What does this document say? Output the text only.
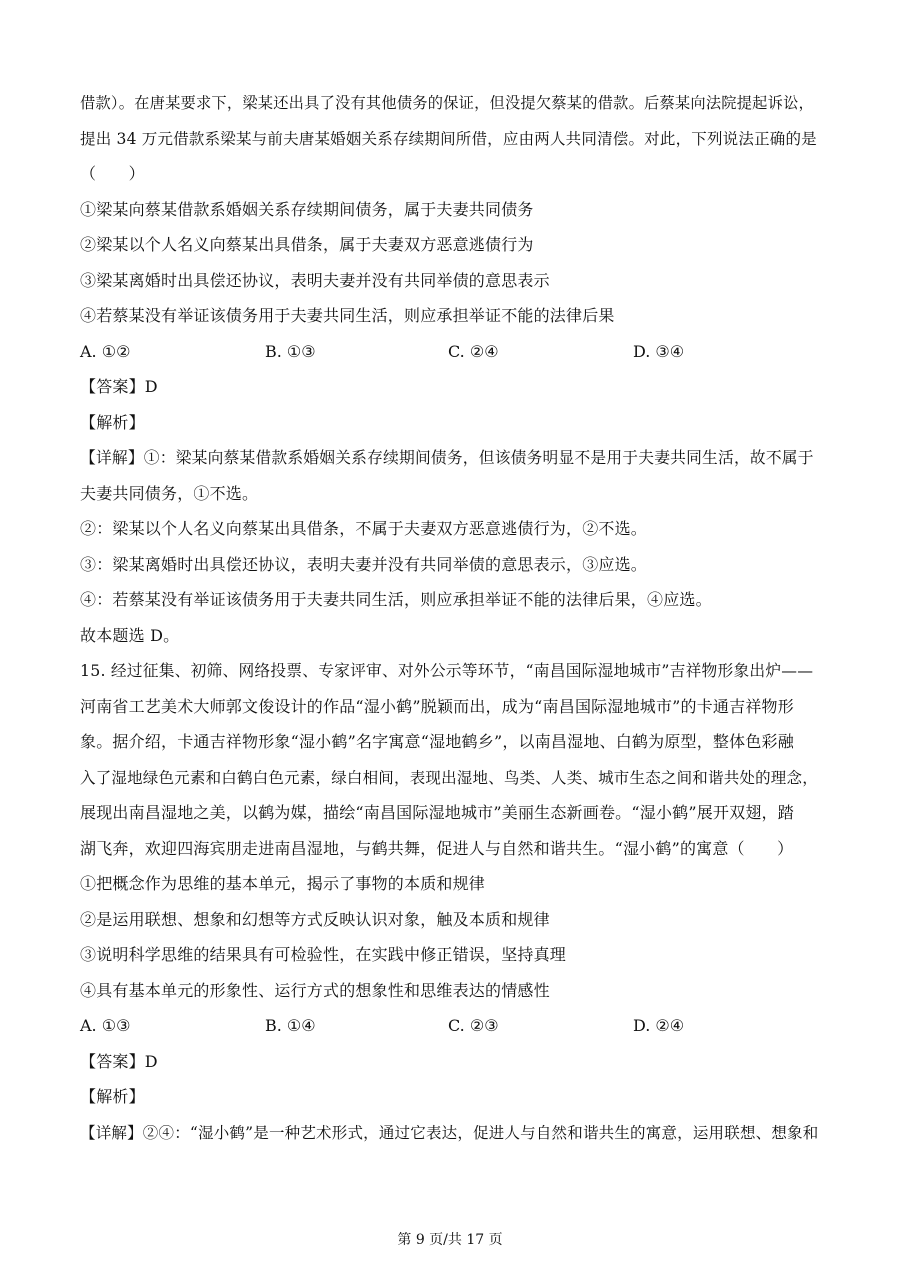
借款）。在唐某要求下，梁某还出具了没有其他债务的保证，但没提欠蔡某的借款。后蔡某向法院提起诉讼，
提出 34 万元借款系梁某与前夫唐某婚姻关系存续期间所借，应由两人共同清偿。对此，下列说法正确的是
（　　）
①梁某向蔡某借款系婚姻关系存续期间债务，属于夫妻共同债务
②梁某以个人名义向蔡某出具借条，属于夫妻双方恶意逃债行为
③梁某离婚时出具偿还协议，表明夫妻并没有共同举债的意思表示
④若蔡某没有举证该债务用于夫妻共同生活，则应承担举证不能的法律后果
A. ①②	B. ①③	C. ②④	D. ③④
【答案】D
【解析】
【详解】①：梁某向蔡某借款系婚姻关系存续期间债务，但该债务明显不是用于夫妻共同生活，故不属于
夫妻共同债务，①不选。
②：梁某以个人名义向蔡某出具借条，不属于夫妻双方恶意逃债行为，②不选。
③：梁某离婚时出具偿还协议，表明夫妻并没有共同举债的意思表示，③应选。
④：若蔡某没有举证该债务用于夫妻共同生活，则应承担举证不能的法律后果，④应选。
故本题选 D。
15. 经过征集、初筛、网络投票、专家评审、对外公示等环节，“南昌国际湿地城市”吉祥物形象出炉——
河南省工艺美术大师郭文俊设计的作品“湿小鹤”脱颖而出，成为“南昌国际湿地城市”的卡通吉祥物形
象。据介绍，卡通吉祥物形象“湿小鹤”名字寓意“湿地鹤乡”，以南昌湿地、白鹤为原型，整体色彩融
入了湿地绿色元素和白鹤白色元素，绿白相间，表现出湿地、鸟类、人类、城市生态之间和谐共处的理念，
展现出南昌湿地之美，以鹤为媒，描绘“南昌国际湿地城市”美丽生态新画卷。“湿小鹤”展开双翅，踏
湖飞奔，欢迎四海宾朋走进南昌湿地，与鹤共舞，促进人与自然和谐共生。“湿小鹤”的寓意（　　）
①把概念作为思维的基本单元，揭示了事物的本质和规律
②是运用联想、想象和幻想等方式反映认识对象，触及本质和规律
③说明科学思维的结果具有可检验性，在实践中修正错误，坚持真理
④具有基本单元的形象性、运行方式的想象性和思维表达的情感性
A. ①③	B. ①④	C. ②③	D. ②④
【答案】D
【解析】
【详解】②④：“湿小鹤”是一种艺术形式，通过它表达，促进人与自然和谐共生的寓意，运用联想、想象和
第 9 页/共 17 页
